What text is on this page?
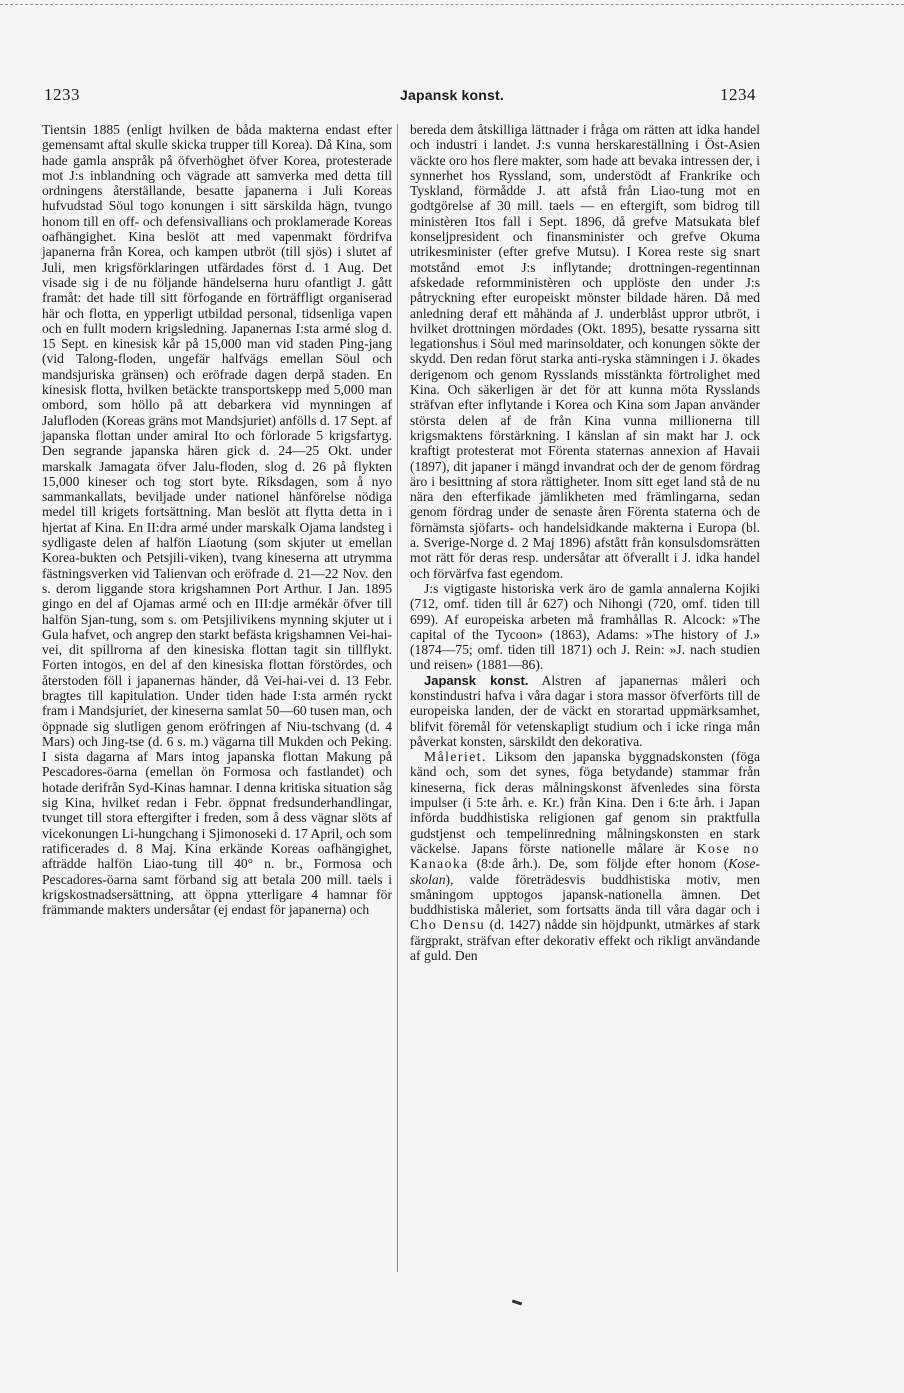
1233	Japansk konst.	1234

Tientsin 1885 (enligt hvilken de båda makterna endast efter gemensamt aftal skulle skicka trupper till Korea). Då Kina, som hade gamla anspråk på öfverhöghet öfver Korea, protesterade mot J:s inblandning och vägrade att samverka med detta till ordningens återställande, besatte japanerna i Juli Koreas hufvudstad Söul togo konungen i sitt särskilda hägn, tvungo honom till en off- och defensivallians och proklamerade Koreas oafhängighet. Kina beslöt att med vapenmakt fördrifva japanerna från Korea, och kampen utbröt (till sjös) i slutet af Juli, men krigsförklaringen utfärdades först d. 1 Aug. Det visade sig i de nu följande händelserna huru ofantligt J. gått framåt: det hade till sitt förfogande en förträffligt organiserad här och flotta, en ypperligt utbildad personal, tidsenliga vapen och en fullt modern krigsledning. Japanernas I:sta armé slog d. 15 Sept. en kinesisk kår på 15,000 man vid staden Ping-jang (vid Talong-floden, ungefär halfvägs emellan Söul och mandsjuriska gränsen) och eröfrade dagen derpå staden. En kinesisk flotta, hvilken betäckte transportskepp med 5,000 man ombord, som höllo på att debarkera vid mynningen af Jalufloden (Koreas gräns mot Mandsjuriet) anfölls d. 17 Sept. af japanska flottan under amiral Ito och förlorade 5 krigsfartyg. Den segrande japanska hären gick d. 24—25 Okt. under marskalk Jamagata öfver Jalu-floden, slog d. 26 på flykten 15,000 kineser och tog stort byte. Riksdagen, som å nyo sammankallats, beviljade under nationel hänförelse nödiga medel till krigets fortsättning. Man beslöt att flytta detta in i hjertat af Kina. En II:dra armé under marskalk Ojama landsteg i sydligaste delen af halfön Liaotung (som skjuter ut emellan Korea-bukten och Petsjili-viken), tvang kineserna att utrymma fästningsverken vid Talienvan och eröfrade d. 21—22 Nov. den s. derom liggande stora krigshamnen Port Arthur. I Jan. 1895 gingo en del af Ojamas armé och en III:dje armékår öfver till halfön Sjan-tung, som s. om Petsjilivikens mynning skjuter ut i Gula hafvet, och angrep den starkt befästa krigshamnen Vei-hai-vei, dit spillrorna af den kinesiska flottan tagit sin tillflykt. Forten intogos, en del af den kinesiska flottan förstördes, och återstoden föll i japanernas händer, då Vei-hai-vei d. 13 Febr. bragtes till kapitulation. Under tiden hade I:sta armén ryckt fram i Mandsjuriet, der kineserna samlat 50—60 tusen man, och öppnade sig slutligen genom eröfringen af Niu-tschvang (d. 4 Mars) och Jing-tse (d. 6 s. m.) vägarna till Mukden och Peking. I sista dagarna af Mars intog japanska flottan Makung på Pescadores-öarna (emellan ön Formosa och fastlandet) och hotade derifrån Syd-Kinas hamnar. I denna kritiska situation såg sig Kina, hvilket redan i Febr. öppnat fredsunderhandlingar, tvunget till stora eftergifter i freden, som å dess vägnar slöts af vicekonungen Li-hungchang i Sjimonoseki d. 17 April, och som ratificerades d. 8 Maj. Kina erkände Koreas oafhängighet, afträdde halfön Liao-tung till 40° n. br., Formosa och Pescadores-öarna samt förband sig att betala 200 mill. taels i krigskostnadsersättning, att öppna ytterligare 4 hamnar för främmande makters undersåtar (ej endast för japanerna) och

bereda dem åtskilliga lättnader i fråga om rätten att idka handel och industri i landet. J:s vunna herskareställning i Öst-Asien väckte oro hos flere makter, som hade att bevaka intressen der, i synnerhet hos Ryssland, som, understödt af Frankrike och Tyskland, förmådde J. att afstå från Liao-tung mot en godtgörelse af 30 mill. taels — en eftergift, som bidrog till ministèren Itos fall i Sept. 1896, då grefve Matsukata blef konseljpresident och finansminister och grefve Okuma utrikesminister (efter grefve Mutsu). I Korea reste sig snart motstånd emot J:s inflytande; drottningen-regentinnan afskedade reformministèren och upplöste den under J:s påtryckning efter europeiskt mönster bildade hären. Då med anledning deraf ett måhända af J. underblåst uppror utbröt, i hvilket drottningen mördades (Okt. 1895), besatte ryssarna sitt legationshus i Söul med marinsoldater, och konungen sökte der skydd. Den redan förut starka anti-ryska stämningen i J. ökades derigenom och genom Rysslands misstänkta förtrolighet med Kina. Och säkerligen är det för att kunna möta Rysslands sträfvan efter inflytande i Korea och Kina som Japan använder största delen af de från Kina vunna millionerna till krigsmaktens förstärkning. I känslan af sin makt har J. ock kraftigt protesterat mot Förenta staternas annexion af Havaii (1897), dit japaner i mängd invandrat och der de genom fördrag äro i besittning af stora rättigheter. Inom sitt eget land stå de nu nära den efterfikade jämlikheten med främlingarna, sedan genom fördrag under de senaste åren Förenta staterna och de förnämsta sjöfarts- och handelsidkande makterna i Europa (bl. a. Sverige-Norge d. 2 Maj 1896) afstått från konsulsdomsrätten mot rätt för deras resp. undersåtar att öfverallt i J. idka handel och förvärfva fast egendom.

J:s vigtigaste historiska verk äro de gamla annalerna Kojiki (712, omf. tiden till år 627) och Nihongi (720, omf. tiden till 699). Af europeiska arbeten må framhållas R. Alcock: »The capital of the Tycoon» (1863), Adams: »The history of J.» (1874—75; omf. tiden till 1871) och J. Rein: »J. nach studien und reisen» (1881—86).

Japansk konst. Alstren af japanernas måleri och konstindustri hafva i våra dagar i stora massor öfverförts till de europeiska landen, der de väckt en storartad uppmärksamhet, blifvit föremål för vetenskapligt studium och i icke ringa mån påverkat konsten, särskildt den dekorativa.

Måleriet. Liksom den japanska byggnadskonsten (föga känd och, som det synes, föga betydande) stammar från kineserna, fick deras målningskonst äfvenledes sina första impulser (i 5:te årh. e. Kr.) från Kina. Den i 6:te årh. i Japan införda buddhistiska religionen gaf genom sin praktfulla gudstjenst och tempelinredning målningskonsten en stark väckelse. Japans förste nationelle målare är Kose no Kanaoka (8:de årh.). De, som följde efter honom (Kose-skolan), valde företrädesvis buddhistiska motiv, men småningom upptogos japansk-nationella ämnen. Det buddhistiska måleriet, som fortsatts ända till våra dagar och i Cho Densu (d. 1427) nådde sin höjdpunkt, utmärkes af stark färgprakt, sträfvan efter dekorativ effekt och rikligt användande af guld. Den
